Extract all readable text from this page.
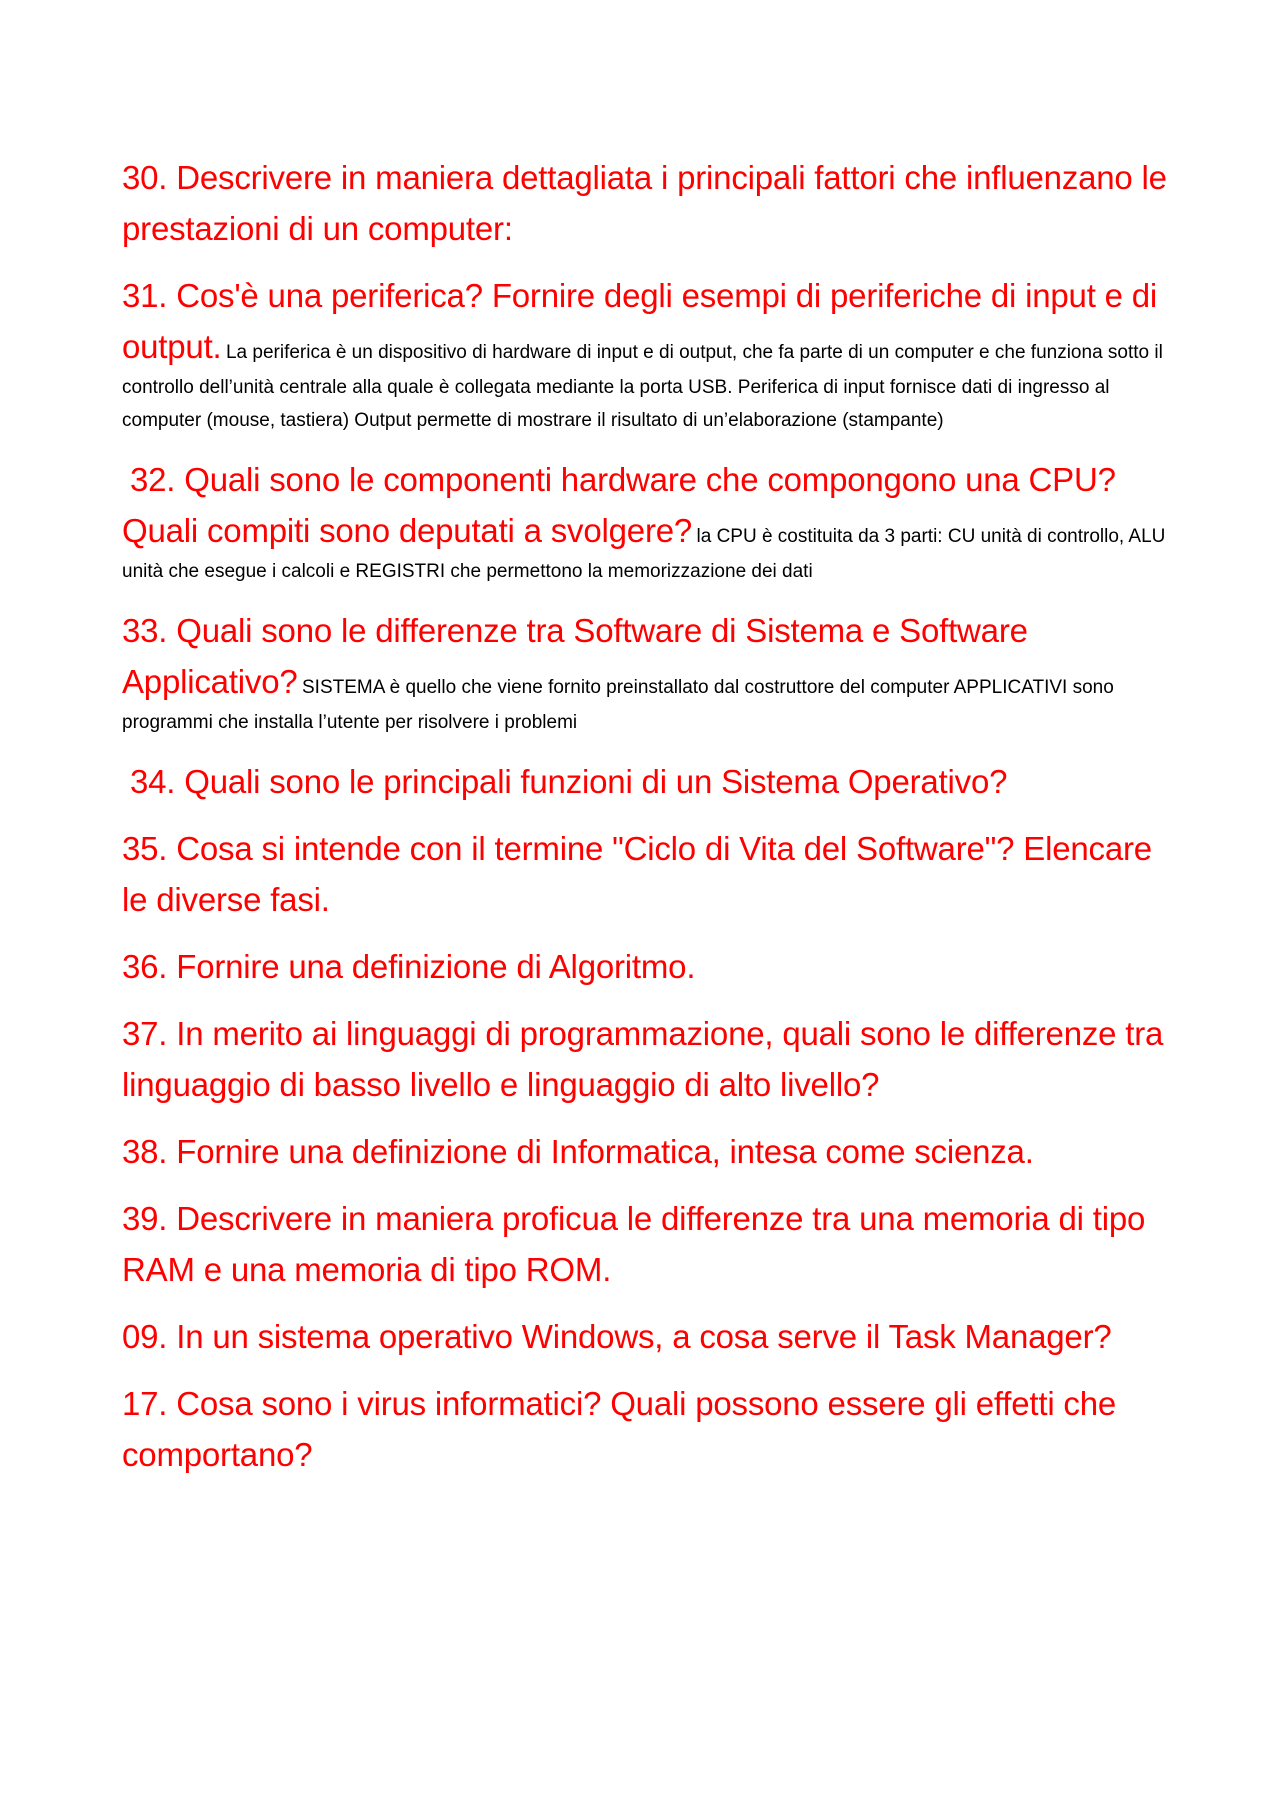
30. Descrivere in maniera dettagliata i principali fattori che influenzano le prestazioni di un computer:

31. Cos'è una periferica? Fornire degli esempi di periferiche di input e di output. La periferica è un dispositivo di hardware di input e di output, che fa parte di un computer e che funziona sotto il controllo dell’unità centrale alla quale è collegata mediante la porta USB. Periferica di input fornisce dati di ingresso al computer (mouse, tastiera) Output permette di mostrare il risultato di un’elaborazione (stampante)

32. Quali sono le componenti hardware che compongono una CPU? Quali compiti sono deputati a svolgere? la CPU è costituita da 3 parti: CU unità di controllo, ALU unità che esegue i calcoli e REGISTRI che permettono la memorizzazione dei dati

33. Quali sono le differenze tra Software di Sistema e Software Applicativo? SISTEMA è quello che viene fornito preinstallato dal costruttore del computer APPLICATIVI sono programmi che installa l’utente per risolvere i problemi

34. Quali sono le principali funzioni di un Sistema Operativo?

35. Cosa si intende con il termine "Ciclo di Vita del Software"? Elencare le diverse fasi.

36. Fornire una definizione di Algoritmo.

37. In merito ai linguaggi di programmazione, quali sono le differenze tra linguaggio di basso livello e linguaggio di alto livello?

38. Fornire una definizione di Informatica, intesa come scienza.

39. Descrivere in maniera proficua le differenze tra una memoria di tipo RAM e una memoria di tipo ROM.

09. In un sistema operativo Windows, a cosa serve il Task Manager?

17. Cosa sono i virus informatici? Quali possono essere gli effetti che comportano?
